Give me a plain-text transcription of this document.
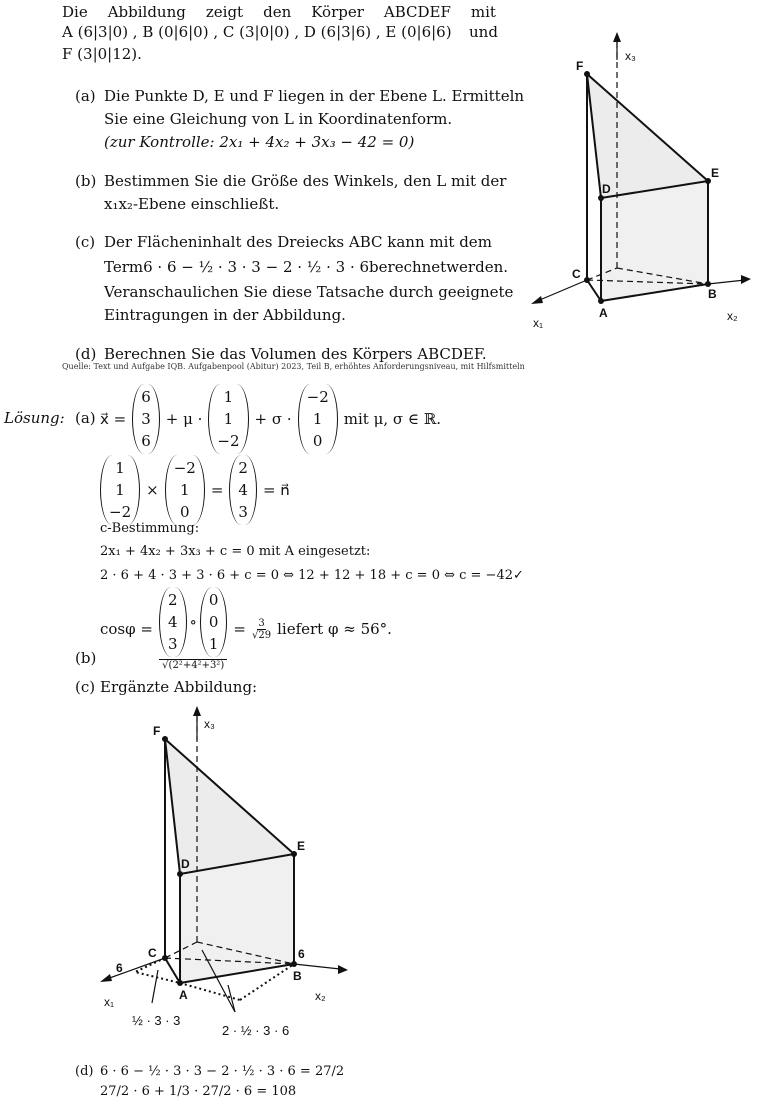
Die Abbildung zeigt den Körper ABCDEF mit
A (6|3|0) , B (0|6|0) , C (3|0|0) , D (6|3|6) , E (0|6|6) und
F (3|0|12).
(a) Die Punkte D, E und F liegen in der Ebene L. Ermitteln
Sie eine Gleichung von L in Koordinatenform.
(zur Kontrolle: 2x₁ + 4x₂ + 3x₃ − 42 = 0)
(b) Bestimmen Sie die Größe des Winkels, den L mit der
x₁x₂-Ebene einschließt.
(c) Der Flächeninhalt des Dreiecks ABC kann mit dem
Term 6 · 6 − ½ · 3 · 3 − 2 · ½ · 3 · 6 berechnet werden.
Veranschaulichen Sie diese Tatsache durch geeignete
Eintragungen in der Abbildung.
(d) Berechnen Sie das Volumen des Körpers ABCDEF.
Quelle: Text und Aufgabe IQB. Aufgabenpool (Abitur) 2023, Teil B, erhöhtes Anforderungsniveau, mit Hilfsmitteln
F
E
D
C
B
A
x₃
x₂
x₁
Lösung: (a) x⃗ =
6
3
6
+ μ ·
1
1
−2
+ σ ·
−2
1
0
mit μ, σ ∈ ℝ.
1
1
−2
×
−2
1
0
=
2
4
3
= n⃗
c-Bestimmung:
2x₁ + 4x₂ + 3x₃ + c = 0 mit A eingesetzt:
2 · 6 + 4 · 3 + 3 · 6 + c = 0 ⇔ 12 + 12 + 18 + c = 0 ⇔ c = −42✓
(b)
cosφ =
2
4
3
∘
0
0
1
√(2²+4²+3²)
= $\frac{3}{√29}$ liefert φ ≈ 56°.
(c) Ergänzte Abbildung:
F
E
D
C
B
A
x₃
x₂
x₁
6
6
½ · 3 · 3
2 · ½ · 3 · 6
(d) 6 · 6 − ½ · 3 · 3 − 2 · ½ · 3 · 6 = 27/2
27/2 · 6 + 1/3 · 27/2 · 6 = 108
